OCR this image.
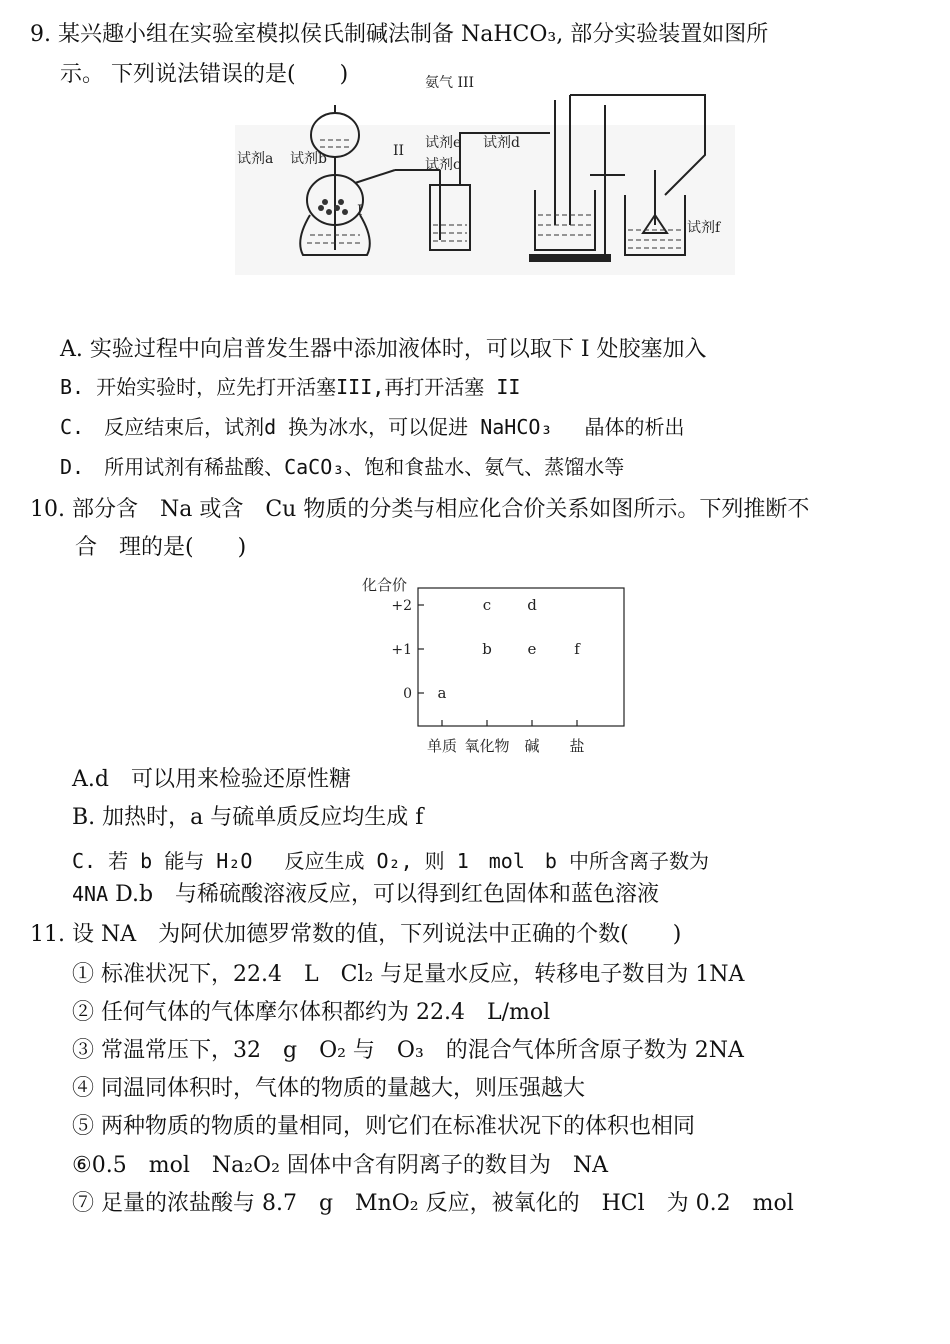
9. 某兴趣小组在实验室模拟侯氏制碱法制备 NaHCO₃, 部分实验装置如图所
示。 下列说法错误的是(　　)	氨气 III
试剂a 试剂b	II
I
试剂e 试剂d
试剂c
试剂f
A. 实验过程中向启普发生器中添加液体时，可以取下 I 处胶塞加入
B. 开始实验时，应先打开活塞III,再打开活塞 II
C.　反应结束后，试剂d 换为冰水，可以促进 NaHCO₃　 晶体的析出
D.　所用试剂有稀盐酸、CaCO₃、饱和食盐水、氨气、蒸馏水等
10. 部分含　Na 或含　Cu 物质的分类与相应化合价关系如图所示。下列推断不
合　理的是(　　)
化合价
+2
+1
0
单质 氧化物 碱 盐
a
b
c d
e	f
A.d　可以用来检验还原性糖
B. 加热时，a 与硫单质反应均生成 f
C. 若 b 能与 H₂O 　反应生成 O₂, 则 1　mol　b 中所含离子数为
4NA D.b　与稀硫酸溶液反应，可以得到红色固体和蓝色溶液
11. 设 NA　为阿伏加德罗常数的值，下列说法中正确的个数(　　)
① 标准状况下，22.4　L　Cl₂ 与足量水反应，转移电子数目为 1NA
② 任何气体的气体摩尔体积都约为 22.4　L/mol
③ 常温常压下，32　g　O₂ 与　O₃　的混合气体所含原子数为 2NA
④ 同温同体积时，气体的物质的量越大，则压强越大
⑤ 两种物质的物质的量相同，则它们在标准状况下的体积也相同
⑥0.5　mol　Na₂O₂ 固体中含有阴离子的数目为　NA
⑦ 足量的浓盐酸与 8.7　g　MnO₂ 反应，被氧化的　HCl　为 0.2　mol
